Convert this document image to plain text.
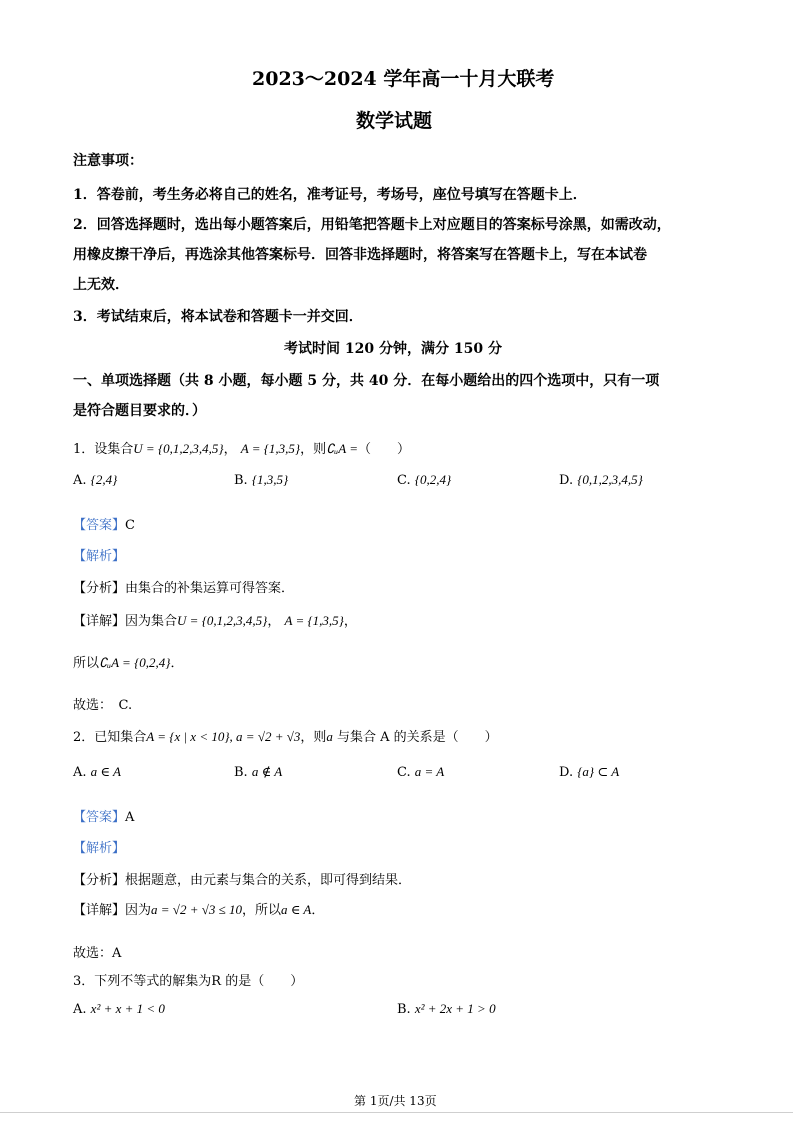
2023～2024 学年高一十月大联考
数学试题
注意事项：
1．答卷前，考生务必将自己的姓名，准考证号，考场号，座位号填写在答题卡上．
2．回答选择题时，选出每小题答案后，用铅笔把答题卡上对应题目的答案标号涂黑，如需改动，
用橡皮擦干净后，再选涂其他答案标号．回答非选择题时，将答案写在答题卡上，写在本试卷
上无效．
3．考试结束后，将本试卷和答题卡一并交回．
考试时间 120 分钟，满分 150 分
一、单项选择题（共 8 小题，每小题 5 分，共 40 分．在每小题给出的四个选项中，只有一项
是符合题目要求的．）
1．设集合U = {0,1,2,3,4,5}， A = {1,3,5}，则∁ᵤA =（　　）
A. {2,4}	B. {1,3,5}	C. {0,2,4}	D. {0,1,2,3,4,5}
【答案】C
【解析】
【分析】由集合的补集运算可得答案．
【详解】因为集合U = {0,1,2,3,4,5}， A = {1,3,5}，
所以∁ᵤA = {0,2,4}．
故选：　C.
2．已知集合A = {x | x < 10}, a = √2 + √3，则a 与集合 A 的关系是（　　）
A. a ∈ A	B. a ∉ A	C. a = A	D. {a} ⊂ A
【答案】A
【解析】
【分析】根据题意，由元素与集合的关系，即可得到结果．
【详解】因为a = √2 + √3 ≤ 10，所以a ∈ A．
故选：A
3．下列不等式的解集为R 的是（　　）
A. x² + x + 1 < 0	B. x² + 2x + 1 > 0
第 1页/共 13页
